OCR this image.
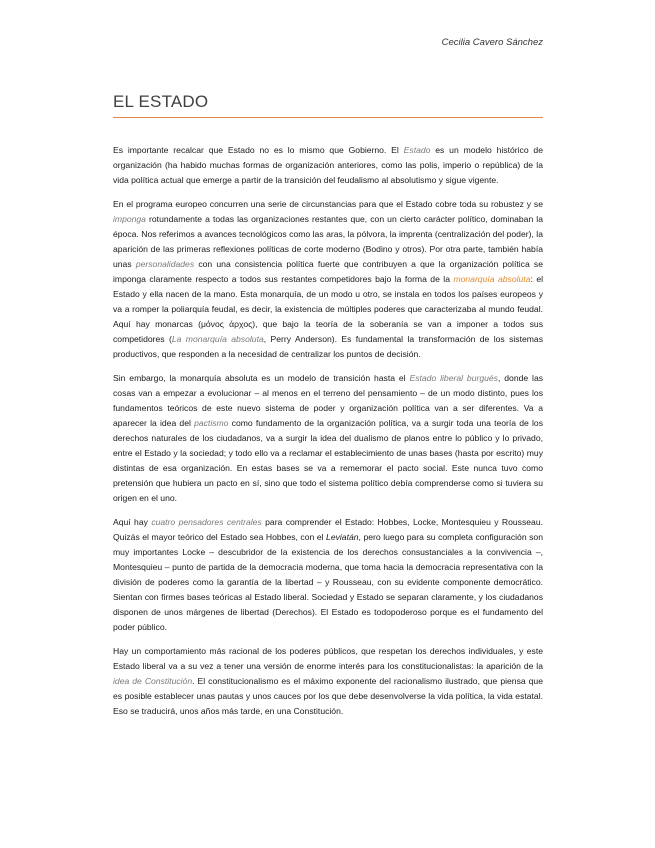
Cecilia Cavero Sánchez
EL ESTADO

Es importante recalcar que Estado no es lo mismo que Gobierno. El Estado es un modelo histórico de organización (ha habido muchas formas de organización anteriores, como las polis, imperio o república) de la vida política actual que emerge a partir de la transición del feudalismo al absolutismo y sigue vigente.

En el programa europeo concurren una serie de circunstancias para que el Estado cobre toda su robustez y se imponga rotundamente a todas las organizaciones restantes que, con un cierto carácter político, dominaban la época. Nos referimos a avances tecnológicos como las aras, la pólvora, la imprenta (centralización del poder), la aparición de las primeras reflexiones políticas de corte moderno (Bodino y otros). Por otra parte, también había unas personalidades con una consistencia política fuerte que contribuyen a que la organización política se imponga claramente respecto a todos sus restantes competidores bajo la forma de la monarquía absoluta: el Estado y ella nacen de la mano. Esta monarquía, de un modo u otro, se instala en todos los países europeos y va a romper la poliarquía feudal, es decir, la existencia de múltiples poderes que caracterizaba al mundo feudal. Aquí hay monarcas (μόνος άρχος), que bajo la teoría de la soberanía se van a imponer a todos sus competidores (La monarquía absoluta, Perry Anderson). Es fundamental la transformación de los sistemas productivos, que responden a la necesidad de centralizar los puntos de decisión.

Sin embargo, la monarquía absoluta es un modelo de transición hasta el Estado liberal burgués, donde las cosas van a empezar a evolucionar – al menos en el terreno del pensamiento – de un modo distinto, pues los fundamentos teóricos de este nuevo sistema de poder y organización política van a ser diferentes. Va a aparecer la idea del pactismo como fundamento de la organización política, va a surgir toda una teoría de los derechos naturales de los ciudadanos, va a surgir la idea del dualismo de planos entre lo público y lo privado, entre el Estado y la sociedad; y todo ello va a reclamar el establecimiento de unas bases (hasta por escrito) muy distintas de esa organización. En estas bases se va a rememorar el pacto social. Este nunca tuvo como pretensión que hubiera un pacto en sí, sino que todo el sistema político debía comprenderse como si tuviera su origen en el uno.

Aquí hay cuatro pensadores centrales para comprender el Estado: Hobbes, Locke, Montesquieu y Rousseau. Quizás el mayor teórico del Estado sea Hobbes, con el Leviatán, pero luego para su completa configuración son muy importantes Locke – descubridor de la existencia de los derechos consustanciales a la convivencia –, Montesquieu – punto de partida de la democracia moderna, que toma hacia la democracia representativa con la división de poderes como la garantía de la libertad – y Rousseau, con su evidente componente democrático. Sientan con firmes bases teóricas al Estado liberal. Sociedad y Estado se separan claramente, y los ciudadanos disponen de unos márgenes de libertad (Derechos). El Estado es todopoderoso porque es el fundamento del poder público.

Hay un comportamiento más racional de los poderes públicos, que respetan los derechos individuales, y este Estado liberal va a su vez a tener una versión de enorme interés para los constitucionalistas: la aparición de la idea de Constitución. El constitucionalismo es el máximo exponente del racionalismo ilustrado, que piensa que es posible establecer unas pautas y unos cauces por los que debe desenvolverse la vida política, la vida estatal. Eso se traducirá, unos años más tarde, en una Constitución.
